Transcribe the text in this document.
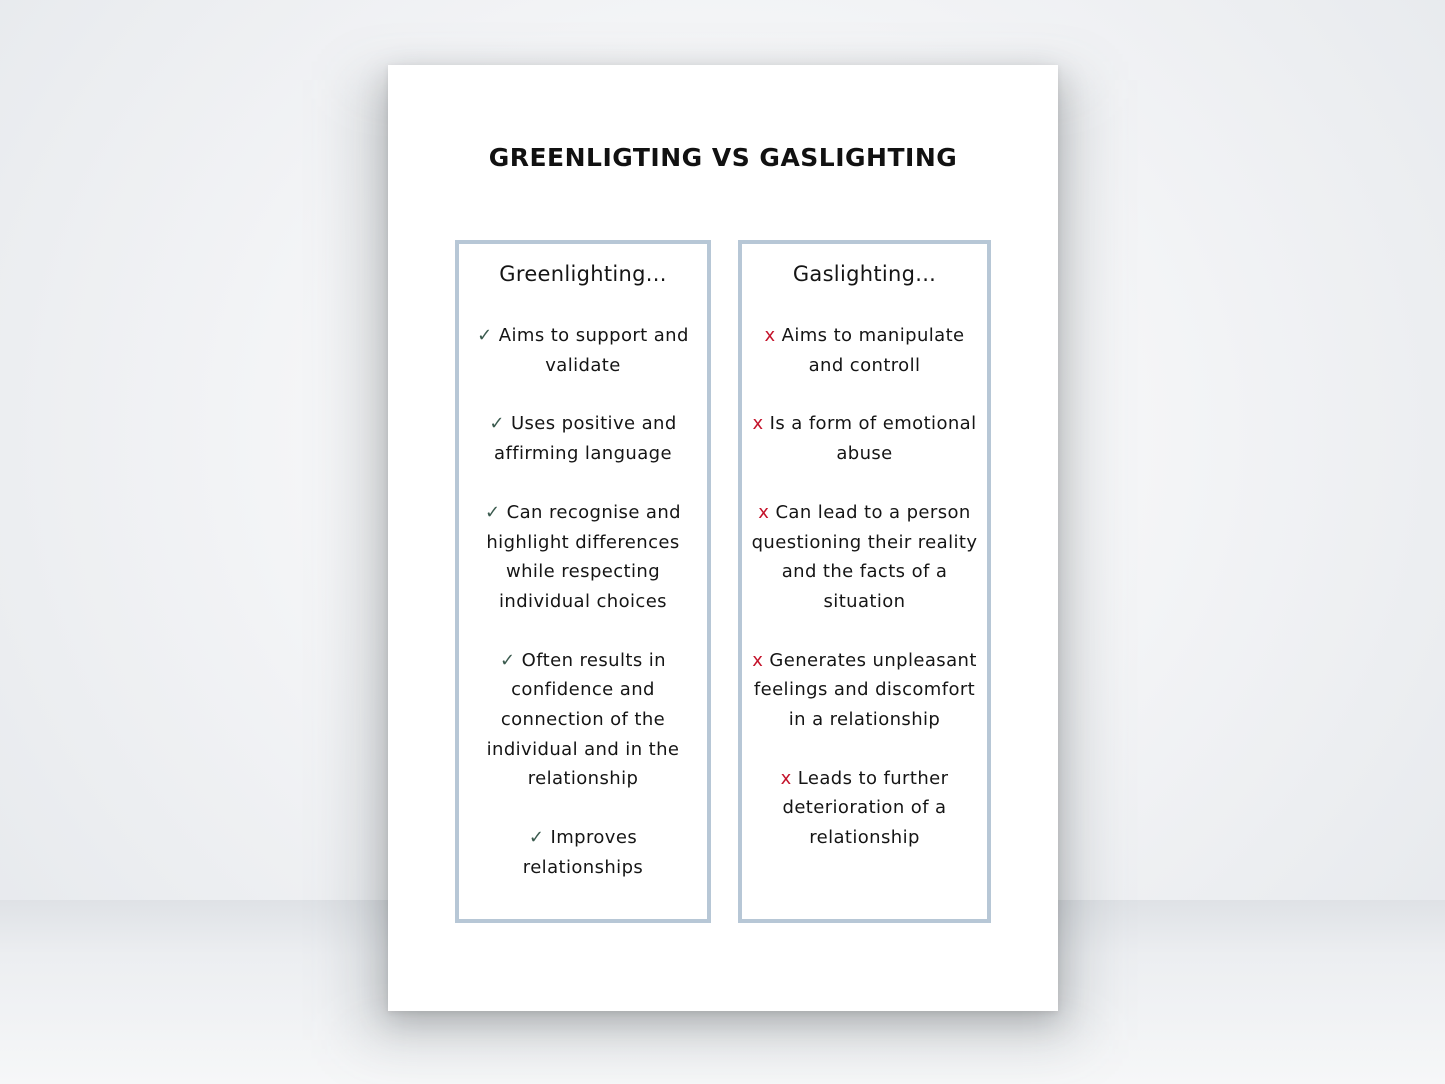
GREENLIGTING VS GASLIGHTING
Greenlighting...
✓ Aims to support and validate
✓ Uses positive and affirming language
✓ Can recognise and highlight differences while respecting individual choices
✓ Often results in confidence and connection of the individual and in the relationship
✓ Improves relationships
Gaslighting...
x Aims to manipulate and controll
x Is a form of emotional abuse
x Can lead to a person questioning their reality and the facts of a situation
x Generates unpleasant feelings and discomfort in a relationship
x Leads to further deterioration of a relationship
